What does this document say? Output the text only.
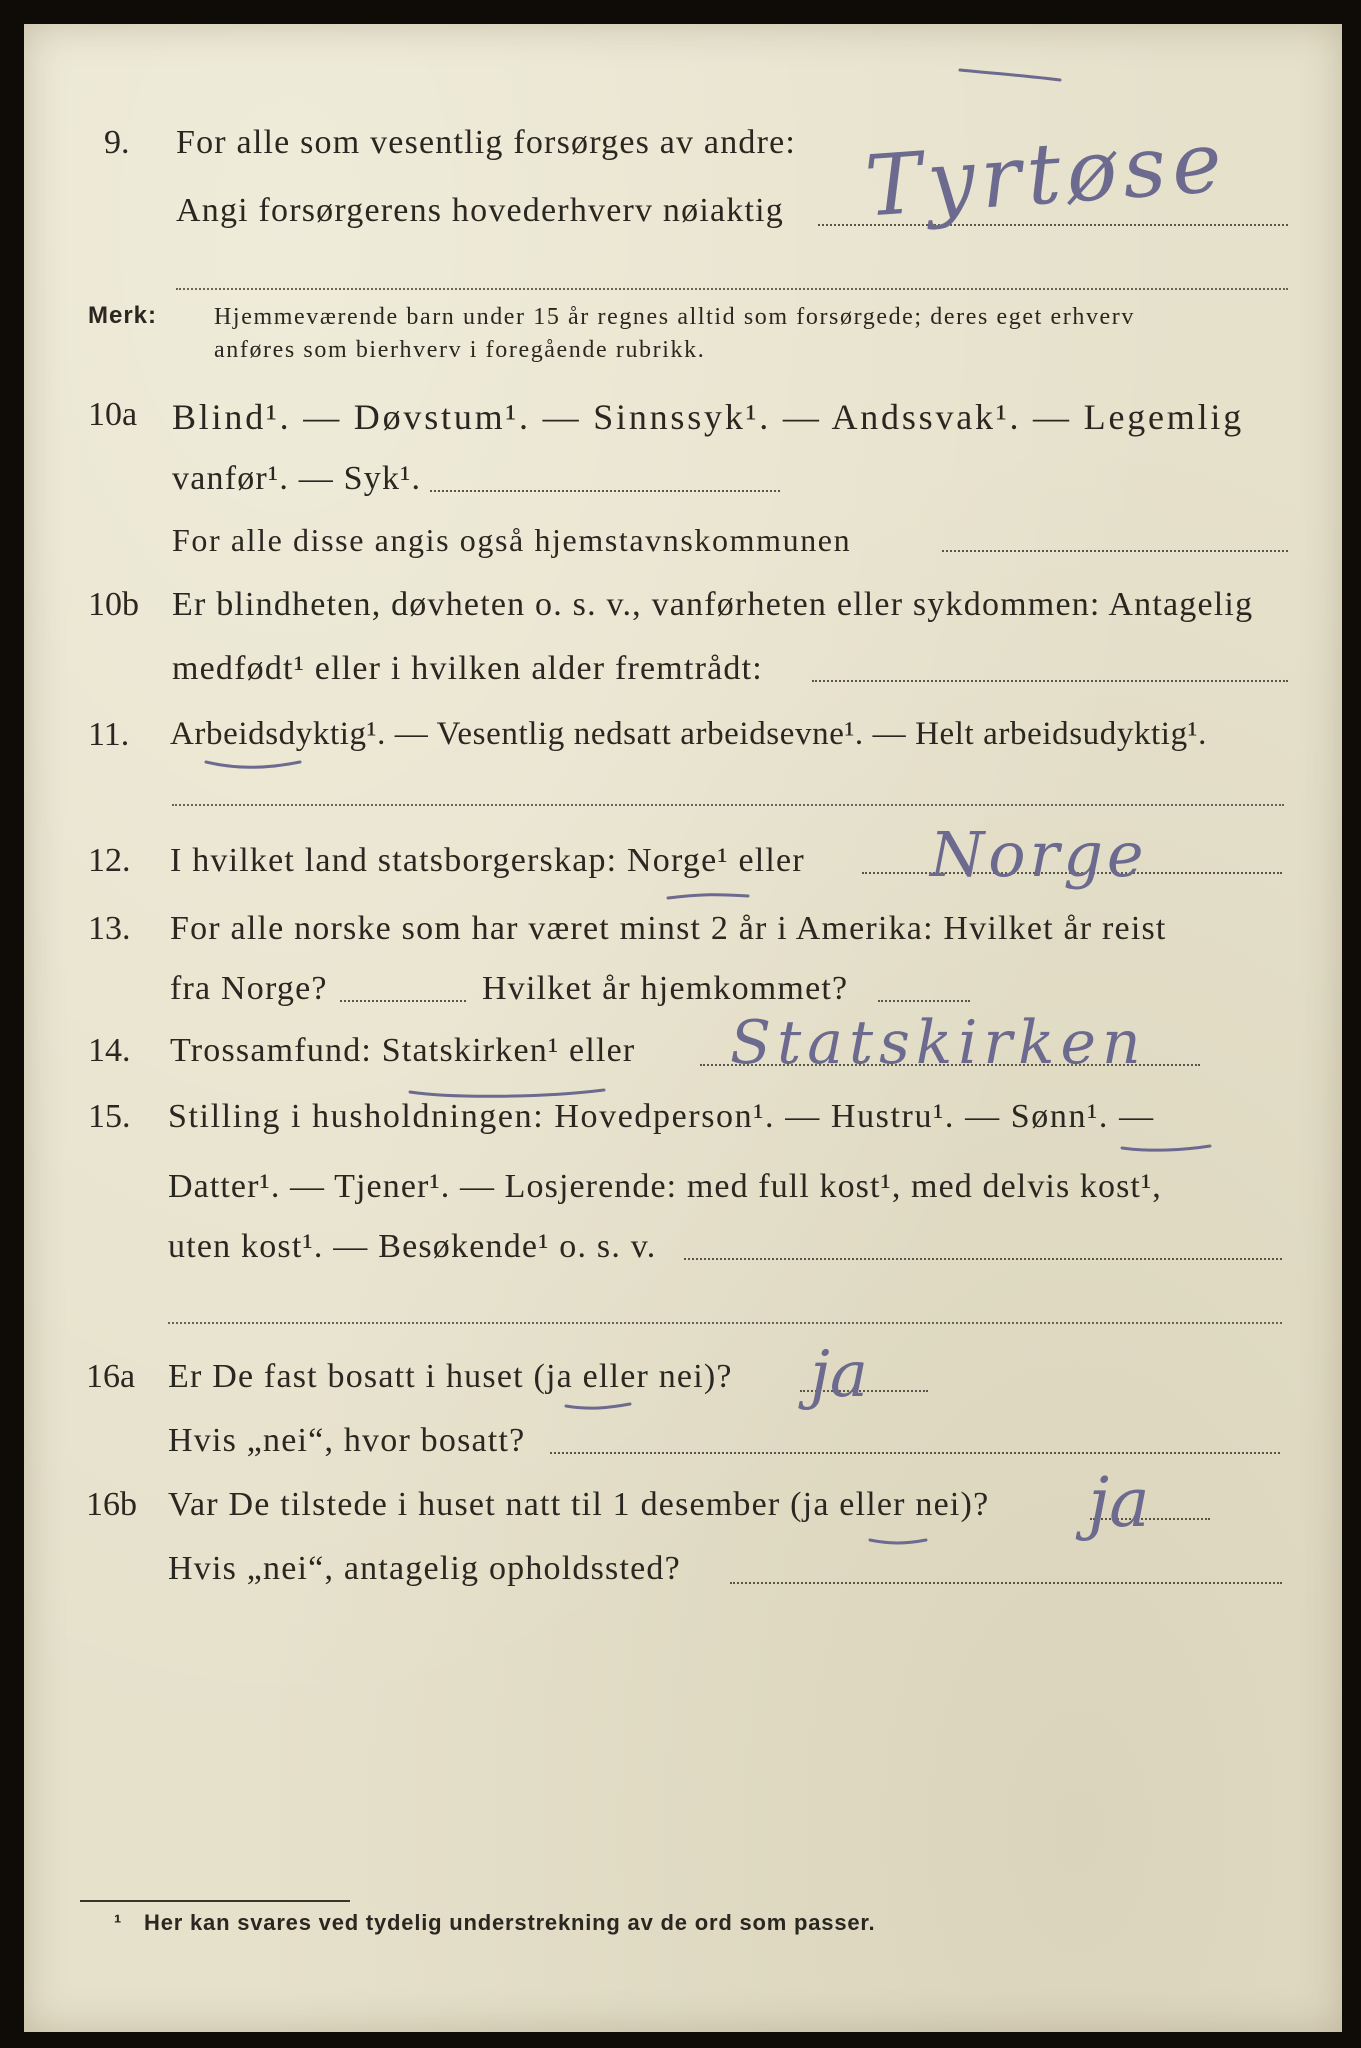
9. For alle som vesentlig forsørges av andre:
Angi forsørgerens hovederhverv nøiaktig Tyrtøse
Merk: Hjemmeværende barn under 15 år regnes alltid som forsørgede; deres eget erhverv
anføres som bierhverv i foregående rubrikk.
10a Blind¹. — Døvstum¹. — Sinnssyk¹. — Andssvak¹. — Legemlig
vanfør¹. — Syk¹.
For alle disse angis også hjemstavnskommunen
10b Er blindheten, døvheten o. s. v., vanførheten eller sykdommen: Antagelig
medfødt¹ eller i hvilken alder fremtrådt:
11. Arbeidsdyktig¹. — Vesentlig nedsatt arbeidsevne¹. — Helt arbeidsudyktig¹.
12. I hvilket land statsborgerskap: Norge¹ eller Norge
13. For alle norske som har været minst 2 år i Amerika: Hvilket år reist
fra Norge?	Hvilket år hjemkommet?
14. Trossamfund: Statskirken¹ eller Statskirken
15. Stilling i husholdningen: Hovedperson¹. — Hustru¹. — Sønn¹. —
Datter¹. — Tjener¹. — Losjerende: med full kost¹, med delvis kost¹,
uten kost¹. — Besøkende¹ o. s. v.
16a Er De fast bosatt i huset (ja eller nei)? ja
Hvis „nei“, hvor bosatt?
16b Var De tilstede i huset natt til 1 desember (ja eller nei)? ja
Hvis „nei“, antagelig opholdssted?
¹ Her kan svares ved tydelig understrekning av de ord som passer.
